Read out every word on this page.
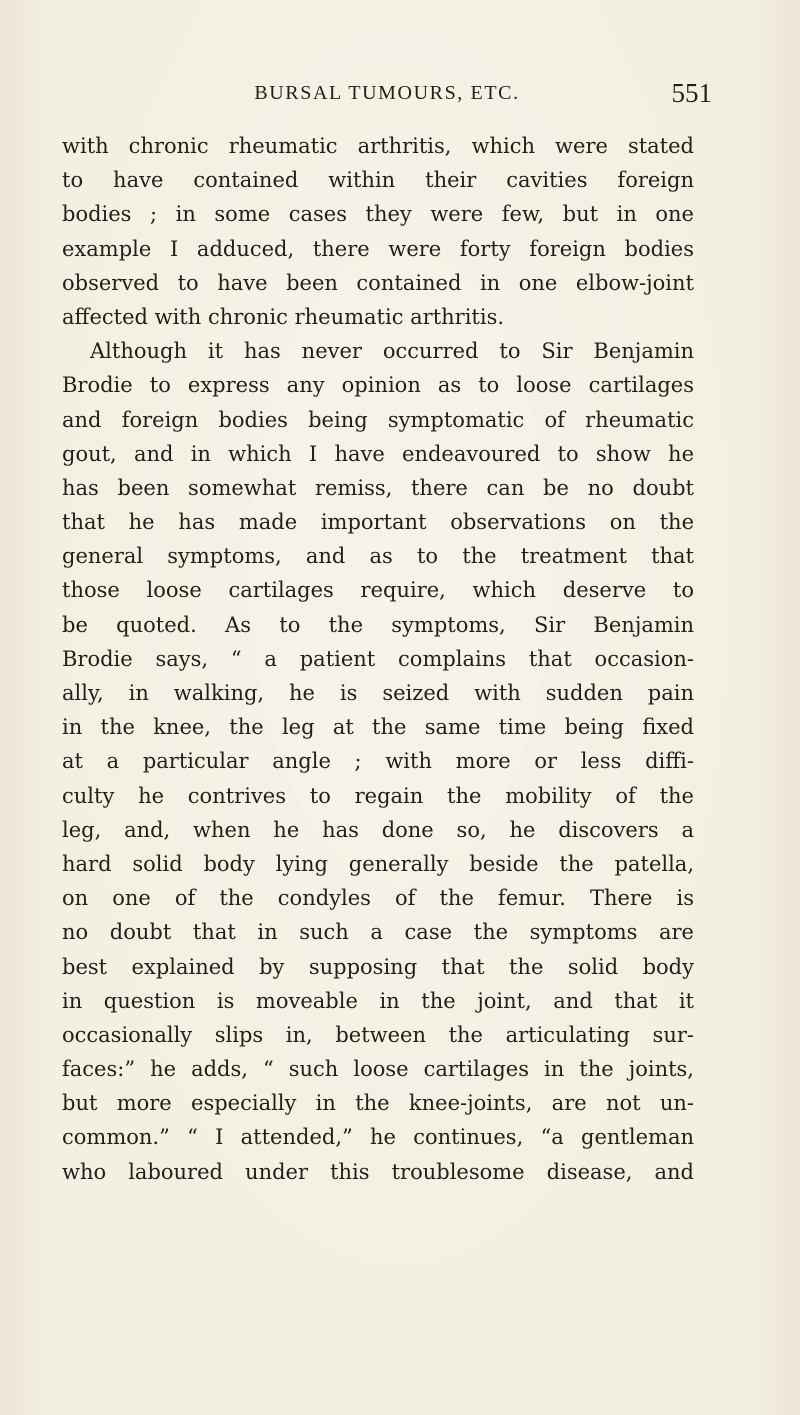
BURSAL TUMOURS, ETC.	551
with chronic rheumatic arthritis, which were stated
to have contained within their cavities foreign
bodies ; in some cases they were few, but in one
example I adduced, there were forty foreign bodies
observed to have been contained in one elbow-joint
affected with chronic rheumatic arthritis.
Although it has never occurred to Sir Benjamin
Brodie to express any opinion as to loose cartilages
and foreign bodies being symptomatic of rheumatic
gout, and in which I have endeavoured to show he
has been somewhat remiss, there can be no doubt
that he has made important observations on the
general symptoms, and as to the treatment that
those loose cartilages require, which deserve to
be quoted. As to the symptoms, Sir Benjamin
Brodie says, “ a patient complains that occasion-
ally, in walking, he is seized with sudden pain
in the knee, the leg at the same time being fixed
at a particular angle ; with more or less diffi-
culty he contrives to regain the mobility of the
leg, and, when he has done so, he discovers a
hard solid body lying generally beside the patella,
on one of the condyles of the femur. There is
no doubt that in such a case the symptoms are
best explained by supposing that the solid body
in question is moveable in the joint, and that it
occasionally slips in, between the articulating sur-
faces:” he adds, “ such loose cartilages in the joints,
but more especially in the knee-joints, are not un-
common.” “ I attended,” he continues, “a gentleman
who laboured under this troublesome disease, and
